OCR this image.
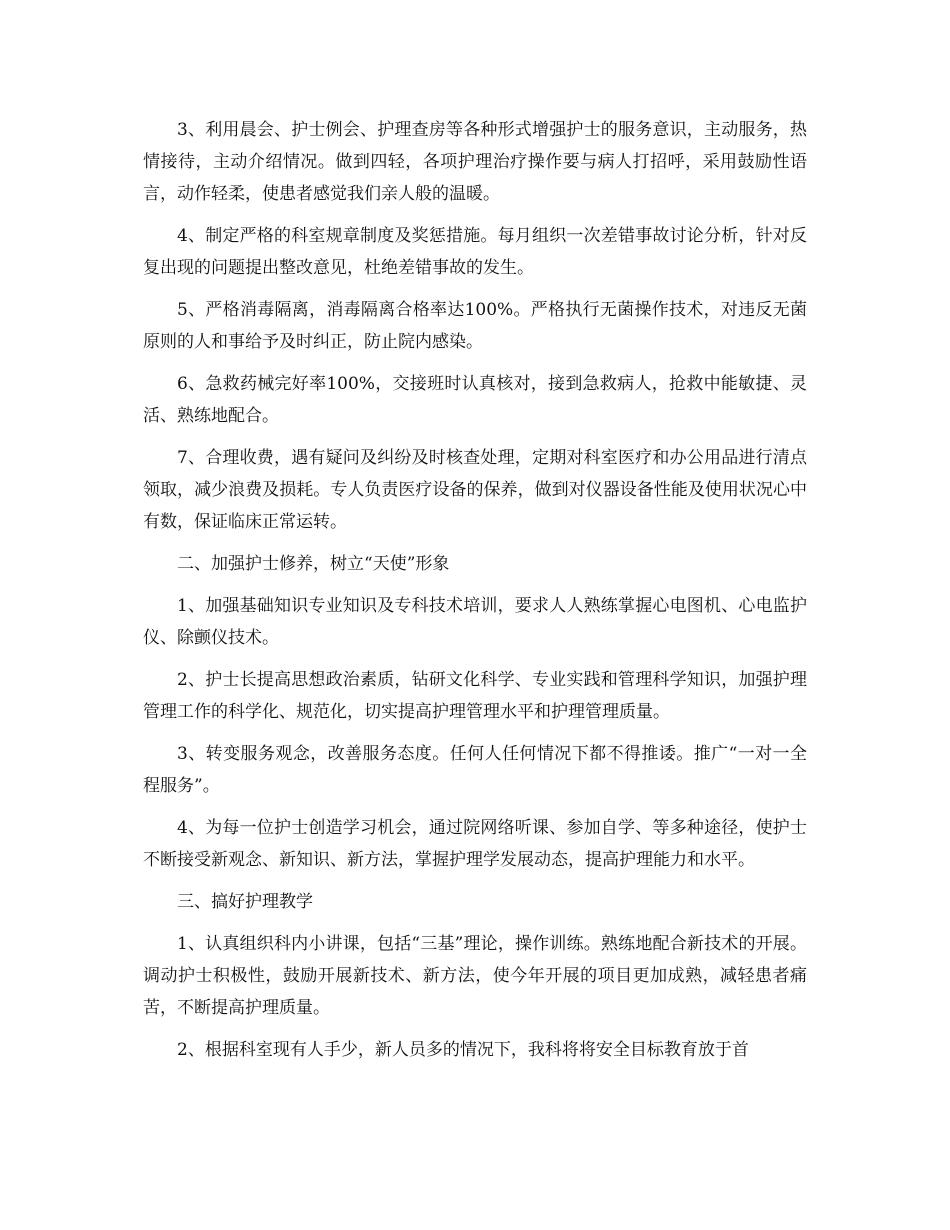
3、利用晨会、护士例会、护理查房等各种形式增强护士的服务意识，主动服务，热情接待，主动介绍情况。做到四轻，各项护理治疗操作要与病人打招呼，采用鼓励性语言，动作轻柔，使患者感觉我们亲人般的温暖。

4、制定严格的科室规章制度及奖惩措施。每月组织一次差错事故讨论分析，针对反复出现的问题提出整改意见，杜绝差错事故的发生。

5、严格消毒隔离，消毒隔离合格率达100%。严格执行无菌操作技术，对违反无菌原则的人和事给予及时纠正，防止院内感染。

6、急救药械完好率100%，交接班时认真核对，接到急救病人，抢救中能敏捷、灵活、熟练地配合。

7、合理收费，遇有疑问及纠纷及时核查处理，定期对科室医疗和办公用品进行清点领取，减少浪费及损耗。专人负责医疗设备的保养，做到对仪器设备性能及使用状况心中有数，保证临床正常运转。

二、加强护士修养，树立“天使”形象

1、加强基础知识专业知识及专科技术培训，要求人人熟练掌握心电图机、心电监护仪、除颤仪技术。

2、护士长提高思想政治素质，钻研文化科学、专业实践和管理科学知识，加强护理管理工作的科学化、规范化，切实提高护理管理水平和护理管理质量。

3、转变服务观念，改善服务态度。任何人任何情况下都不得推诿。推广“一对一全程服务”。

4、为每一位护士创造学习机会，通过院网络听课、参加自学、等多种途径，使护士不断接受新观念、新知识、新方法，掌握护理学发展动态，提高护理能力和水平。

三、搞好护理教学

1、认真组织科内小讲课，包括“三基”理论，操作训练。熟练地配合新技术的开展。调动护士积极性，鼓励开展新技术、新方法，使今年开展的项目更加成熟，减轻患者痛苦，不断提高护理质量。

2、根据科室现有人手少，新人员多的情况下，我科将将安全目标教育放于首
